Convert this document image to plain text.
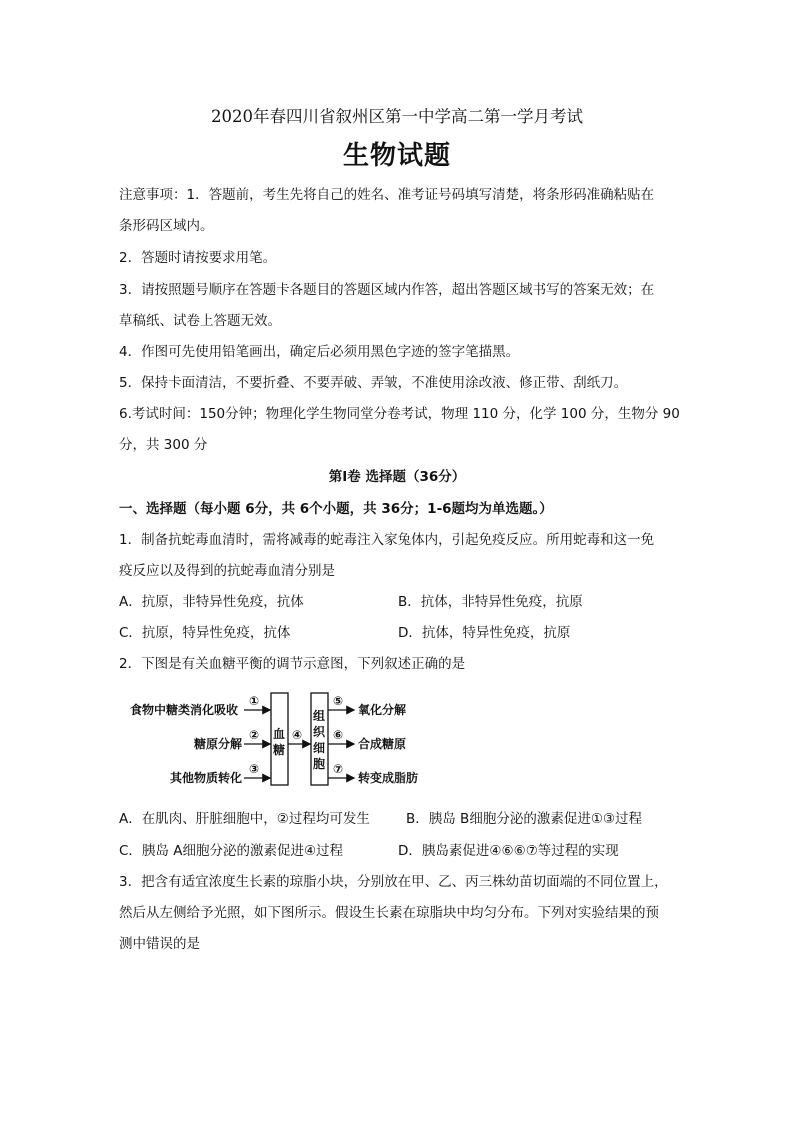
2020年春四川省叙州区第一中学高二第一学月考试
生物试题
注意事项：1．答题前，考生先将自己的姓名、准考证号码填写清楚，将条形码准确粘贴在
条形码区域内。
2．答题时请按要求用笔。
3．请按照题号顺序在答题卡各题目的答题区域内作答，超出答题区域书写的答案无效；在
草稿纸、试卷上答题无效。
4．作图可先使用铅笔画出，确定后必须用黑色字迹的签字笔描黑。
5．保持卡面清洁，不要折叠、不要弄破、弄皱，不准使用涂改液、修正带、刮纸刀。
6.考试时间：150分钟；物理化学生物同堂分卷考试，物理 110 分，化学 100 分，生物分 90
分，共 300 分
第Ⅰ卷 选择题（36分）
一、选择题（每小题 6分，共 6个小题，共 36分；1-6题均为单选题。）
1．制备抗蛇毒血清时，需将减毒的蛇毒注入家兔体内，引起免疫反应。所用蛇毒和这一免
疫反应以及得到的抗蛇毒血清分别是
A．抗原，非特异性免疫，抗体	B．抗体，非特异性免疫，抗原
C．抗原，特异性免疫，抗体	D．抗体，特异性免疫，抗原
2．下图是有关血糖平衡的调节示意图，下列叙述正确的是
食物中糖类消化吸收
糖原分解
其他物质转化
①
②
③
血
糖
④
组
织
细
胞
⑤
⑥
⑦
氧化分解
合成糖原
转变成脂肪
A．在肌肉、肝脏细胞中，②过程均可发生	B．胰岛 B细胞分泌的激素促进①③过程
C．胰岛 A细胞分泌的激素促进④过程	D．胰岛素促进④⑥⑥⑦等过程的实现
3．把含有适宜浓度生长素的琼脂小块，分别放在甲、乙、丙三株幼苗切面端的不同位置上，
然后从左侧给予光照，如下图所示。假设生长素在琼脂块中均匀分布。下列对实验结果的预
测中错误的是
